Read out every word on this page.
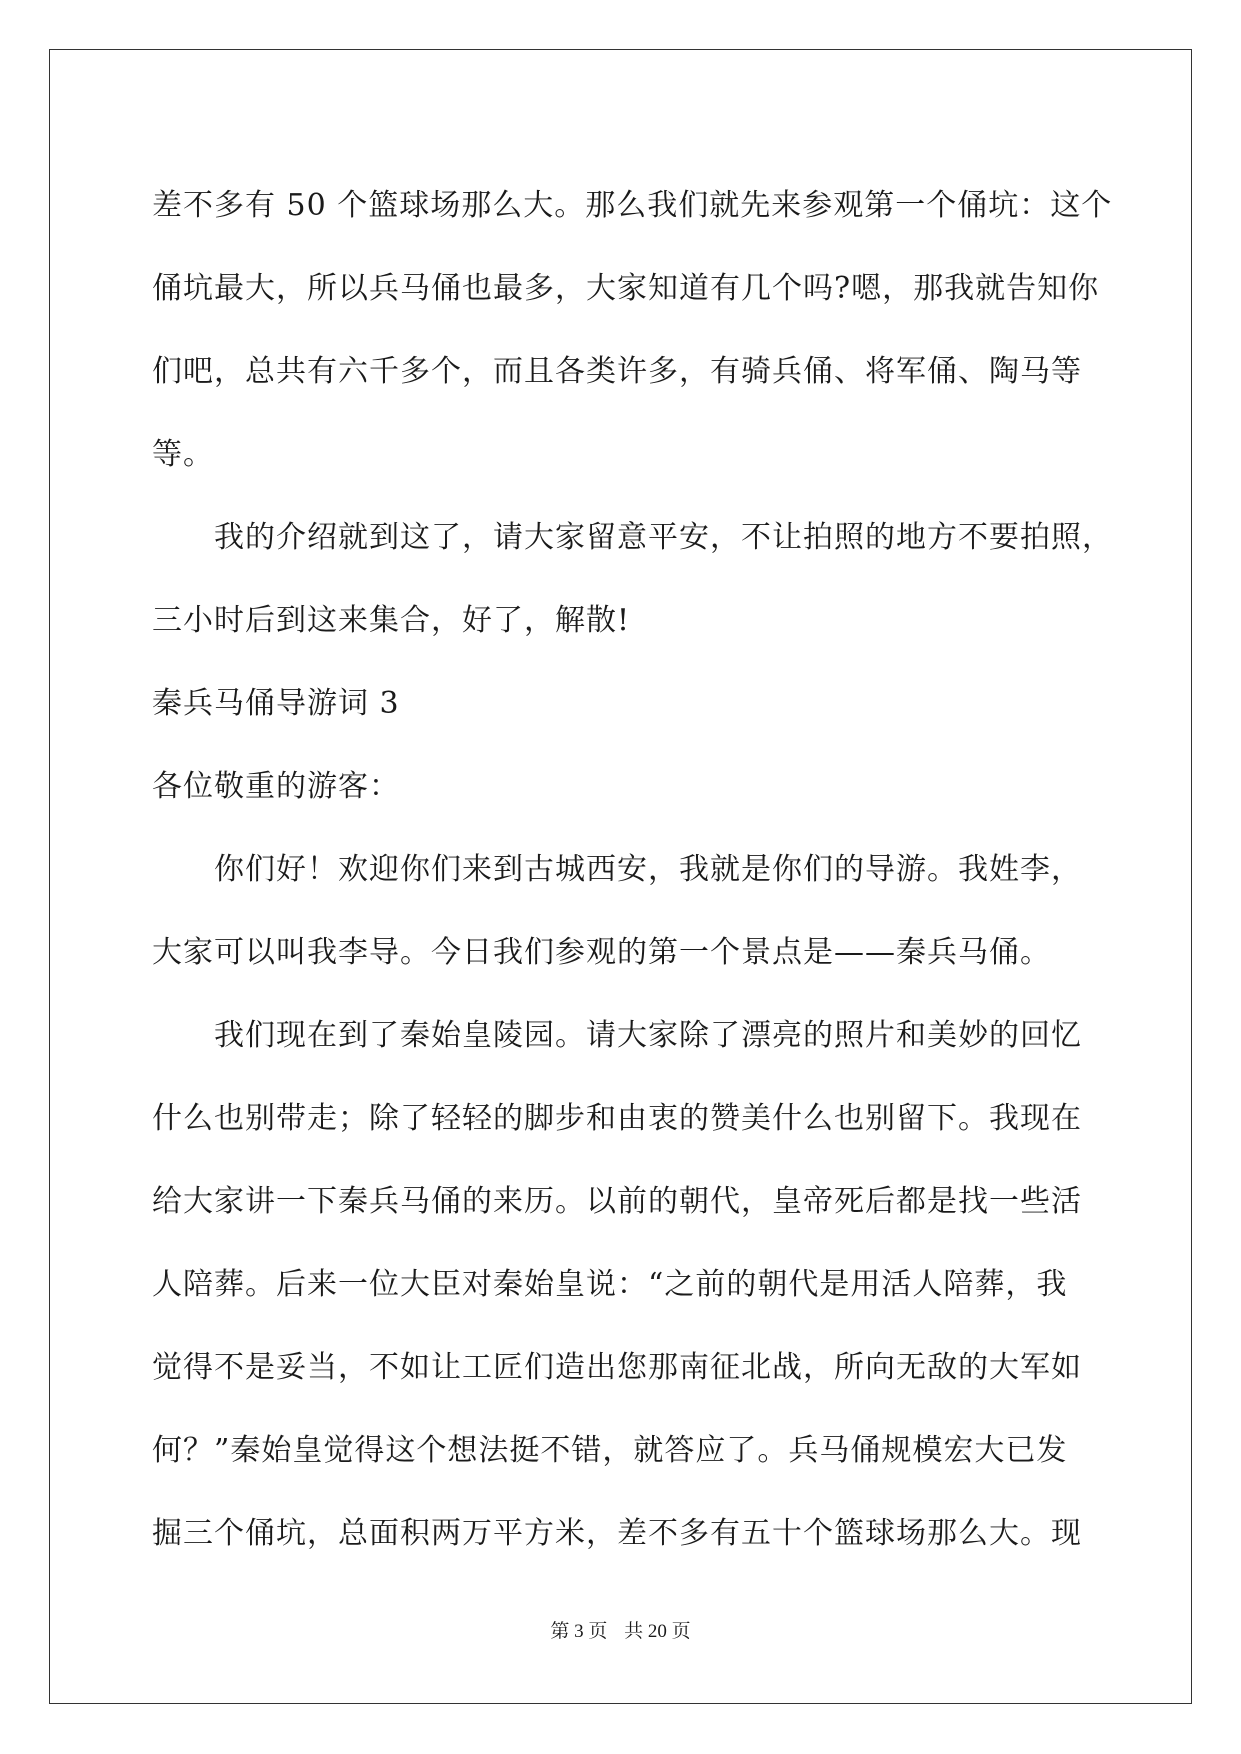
差不多有 50 个篮球场那么大。那么我们就先来参观第一个俑坑：这个
俑坑最大，所以兵马俑也最多，大家知道有几个吗?嗯，那我就告知你
们吧，总共有六千多个，而且各类许多，有骑兵俑、将军俑、陶马等
等。
我的介绍就到这了，请大家留意平安，不让拍照的地方不要拍照，
三小时后到这来集合，好了，解散!
秦兵马俑导游词 3
各位敬重的游客：
你们好！欢迎你们来到古城西安，我就是你们的导游。我姓李，
大家可以叫我李导。今日我们参观的第一个景点是——秦兵马俑。
我们现在到了秦始皇陵园。请大家除了漂亮的照片和美妙的回忆
什么也别带走；除了轻轻的脚步和由衷的赞美什么也别留下。我现在
给大家讲一下秦兵马俑的来历。以前的朝代，皇帝死后都是找一些活
人陪葬。后来一位大臣对秦始皇说：“之前的朝代是用活人陪葬，我
觉得不是妥当，不如让工匠们造出您那南征北战，所向无敌的大军如
何？”秦始皇觉得这个想法挺不错，就答应了。兵马俑规模宏大已发
掘三个俑坑，总面积两万平方米，差不多有五十个篮球场那么大。现
第 3 页 共 20 页
